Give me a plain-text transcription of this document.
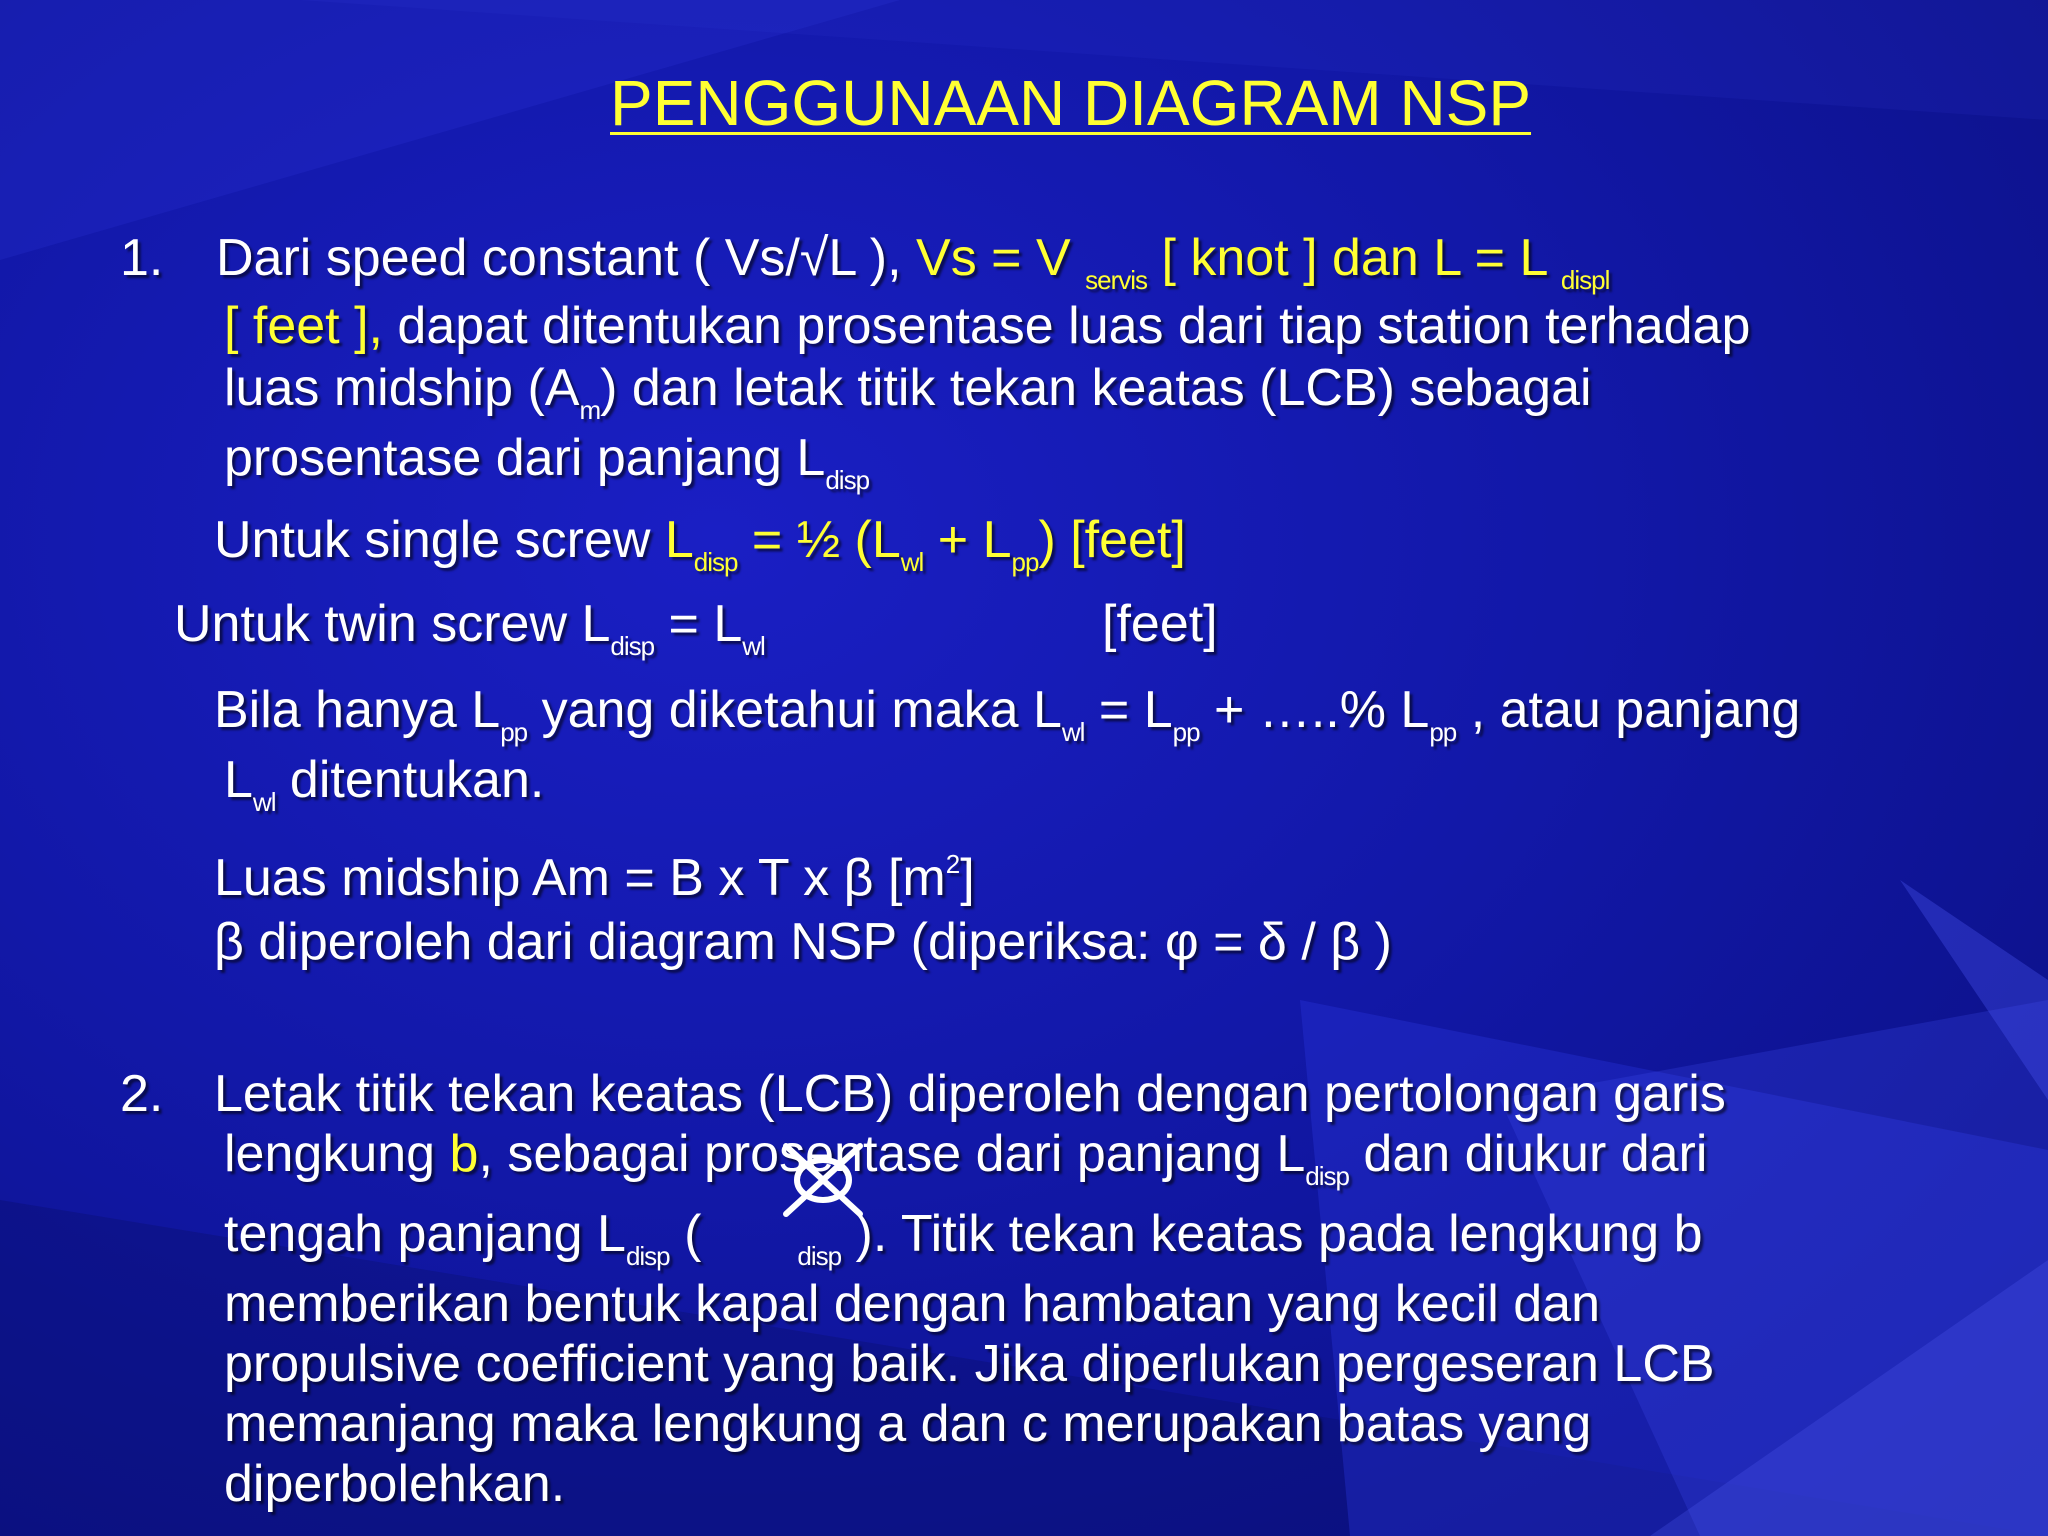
PENGGUNAAN DIAGRAM NSP
1. Dari speed constant ( Vs/√L ), Vs = V $_{servis}$ [ knot ] dan L = L $_{displ}$
[ feet ], dapat ditentukan prosentase luas dari tiap station terhadap
luas midship $(A_m)$ dan letak titik tekan keatas (LCB) sebagai
prosentase dari panjang $L_{disp}$
Untuk single screw $L_{disp}$ = ½ $(L_{wl} + L_{pp})$ [feet]
Untuk twin screw $L_{disp} = L_{wl}$	[feet]
Bila hanya $L_{pp}$ yang diketahui maka $L_{wl} = L_{pp}$ + …..% $L_{pp}$ , atau panjang
$L_{wl}$ ditentukan.
Luas midship Am = B x T x β $[m^2]$
β diperoleh dari diagram NSP (diperiksa: φ = δ / β )
2. Letak titik tekan keatas (LCB) diperoleh dengan pertolongan garis
lengkung b, sebagai prosentase dari panjang $L_{disp}$ dan diukur dari
tengah panjang $L_{disp}$ (	$_{disp}$ ). Titik tekan keatas pada lengkung b
memberikan bentuk kapal dengan hambatan yang kecil dan
propulsive coefficient yang baik. Jika diperlukan pergeseran LCB
memanjang maka lengkung a dan c merupakan batas yang
diperbolehkan.
